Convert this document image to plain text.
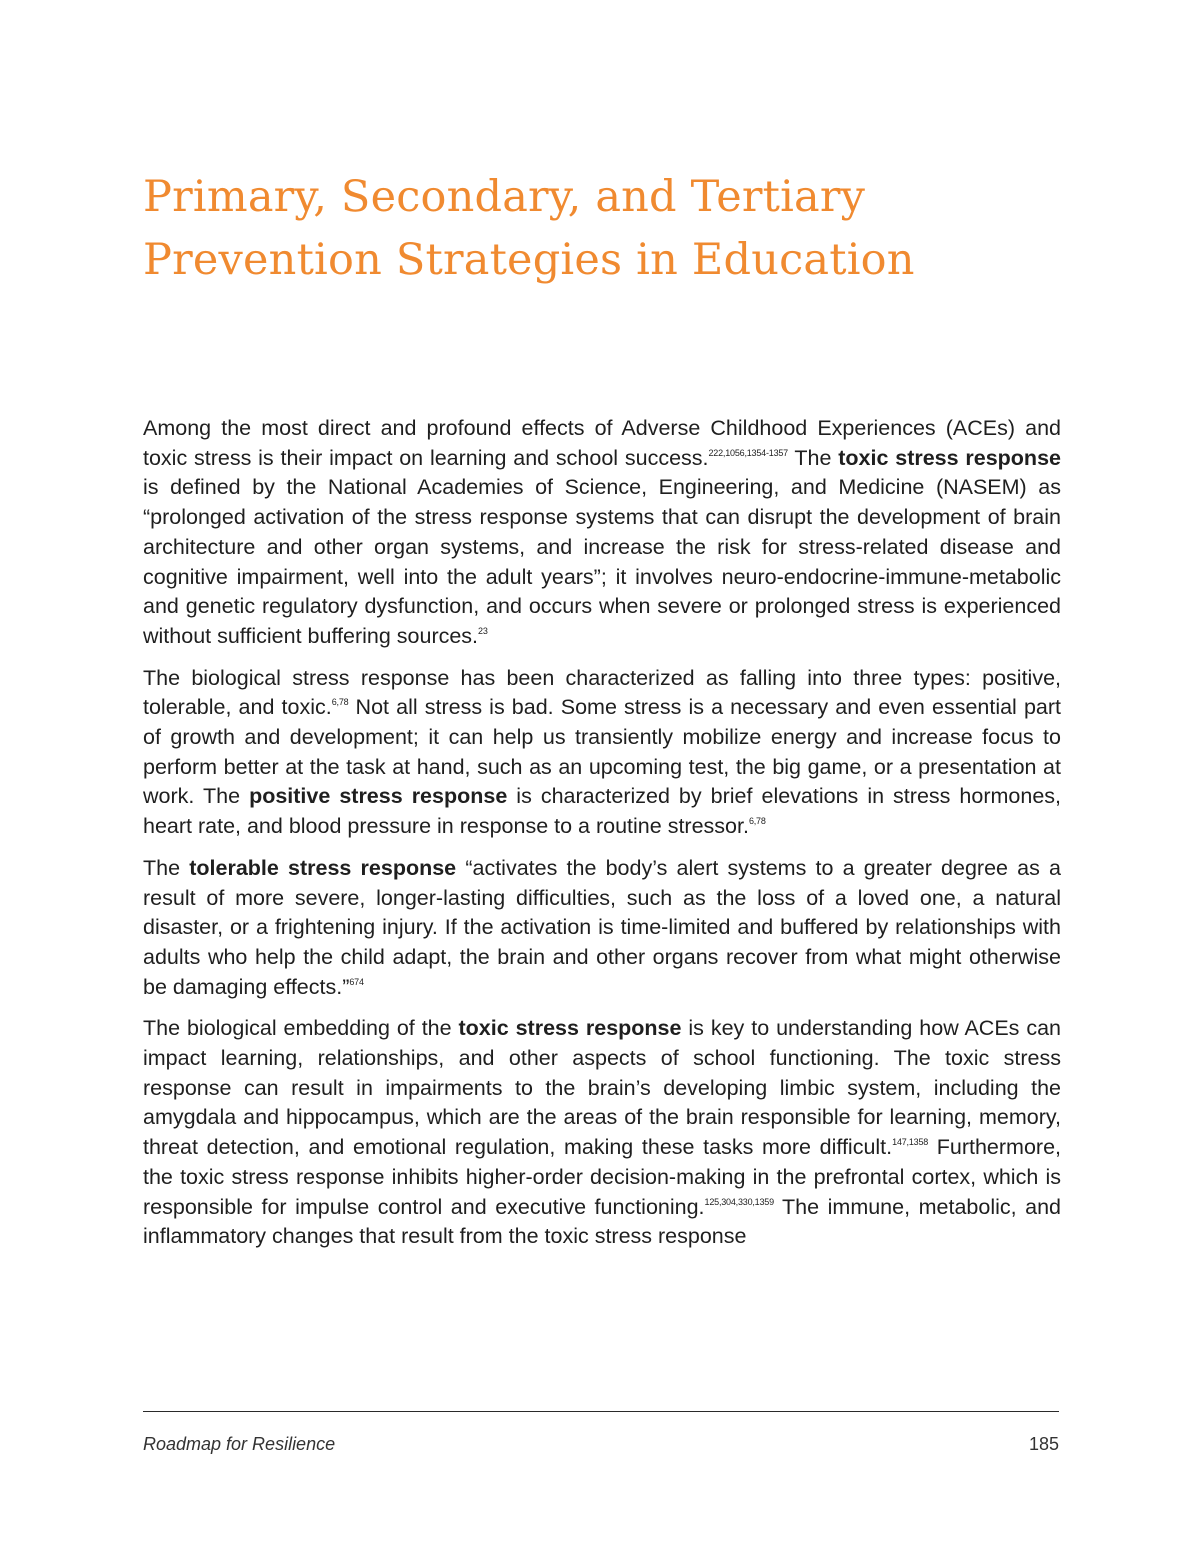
Primary, Secondary, and Tertiary
Prevention Strategies in Education

Among the most direct and profound effects of Adverse Childhood Experiences (ACEs) and toxic stress is their impact on learning and school success.$^{222,1056,1354-1357}$ The toxic stress response is defined by the National Academies of Science, Engineering, and Medicine (NASEM) as “prolonged activation of the stress response systems that can disrupt the development of brain architecture and other organ systems, and increase the risk for stress-related disease and cognitive impairment, well into the adult years”; it involves neuro-endocrine-immune-metabolic and genetic regulatory dysfunction, and occurs when severe or prolonged stress is experienced without sufficient buffering sources.$^{23}$

The biological stress response has been characterized as falling into three types: positive, tolerable, and toxic.$^{6,78}$ Not all stress is bad. Some stress is a necessary and even essential part of growth and development; it can help us transiently mobilize energy and increase focus to perform better at the task at hand, such as an upcoming test, the big game, or a presentation at work. The positive stress response is characterized by brief elevations in stress hormones, heart rate, and blood pressure in response to a routine stressor.$^{6,78}$

The tolerable stress response “activates the body’s alert systems to a greater degree as a result of more severe, longer-lasting difficulties, such as the loss of a loved one, a natural disaster, or a frightening injury. If the activation is time-limited and buffered by relationships with adults who help the child adapt, the brain and other organs recover from what might otherwise be damaging effects.”$^{674}$

The biological embedding of the toxic stress response is key to understanding how ACEs can impact learning, relationships, and other aspects of school functioning. The toxic stress response can result in impairments to the brain’s developing limbic system, including the amygdala and hippocampus, which are the areas of the brain responsible for learning, memory, threat detection, and emotional regulation, making these tasks more difficult.$^{147,1358}$ Furthermore, the toxic stress response inhibits higher-order decision-making in the prefrontal cortex, which is responsible for impulse control and executive functioning.$^{125,304,330,1359}$ The immune, metabolic, and inflammatory changes that result from the toxic stress response

Roadmap for Resilience	185
